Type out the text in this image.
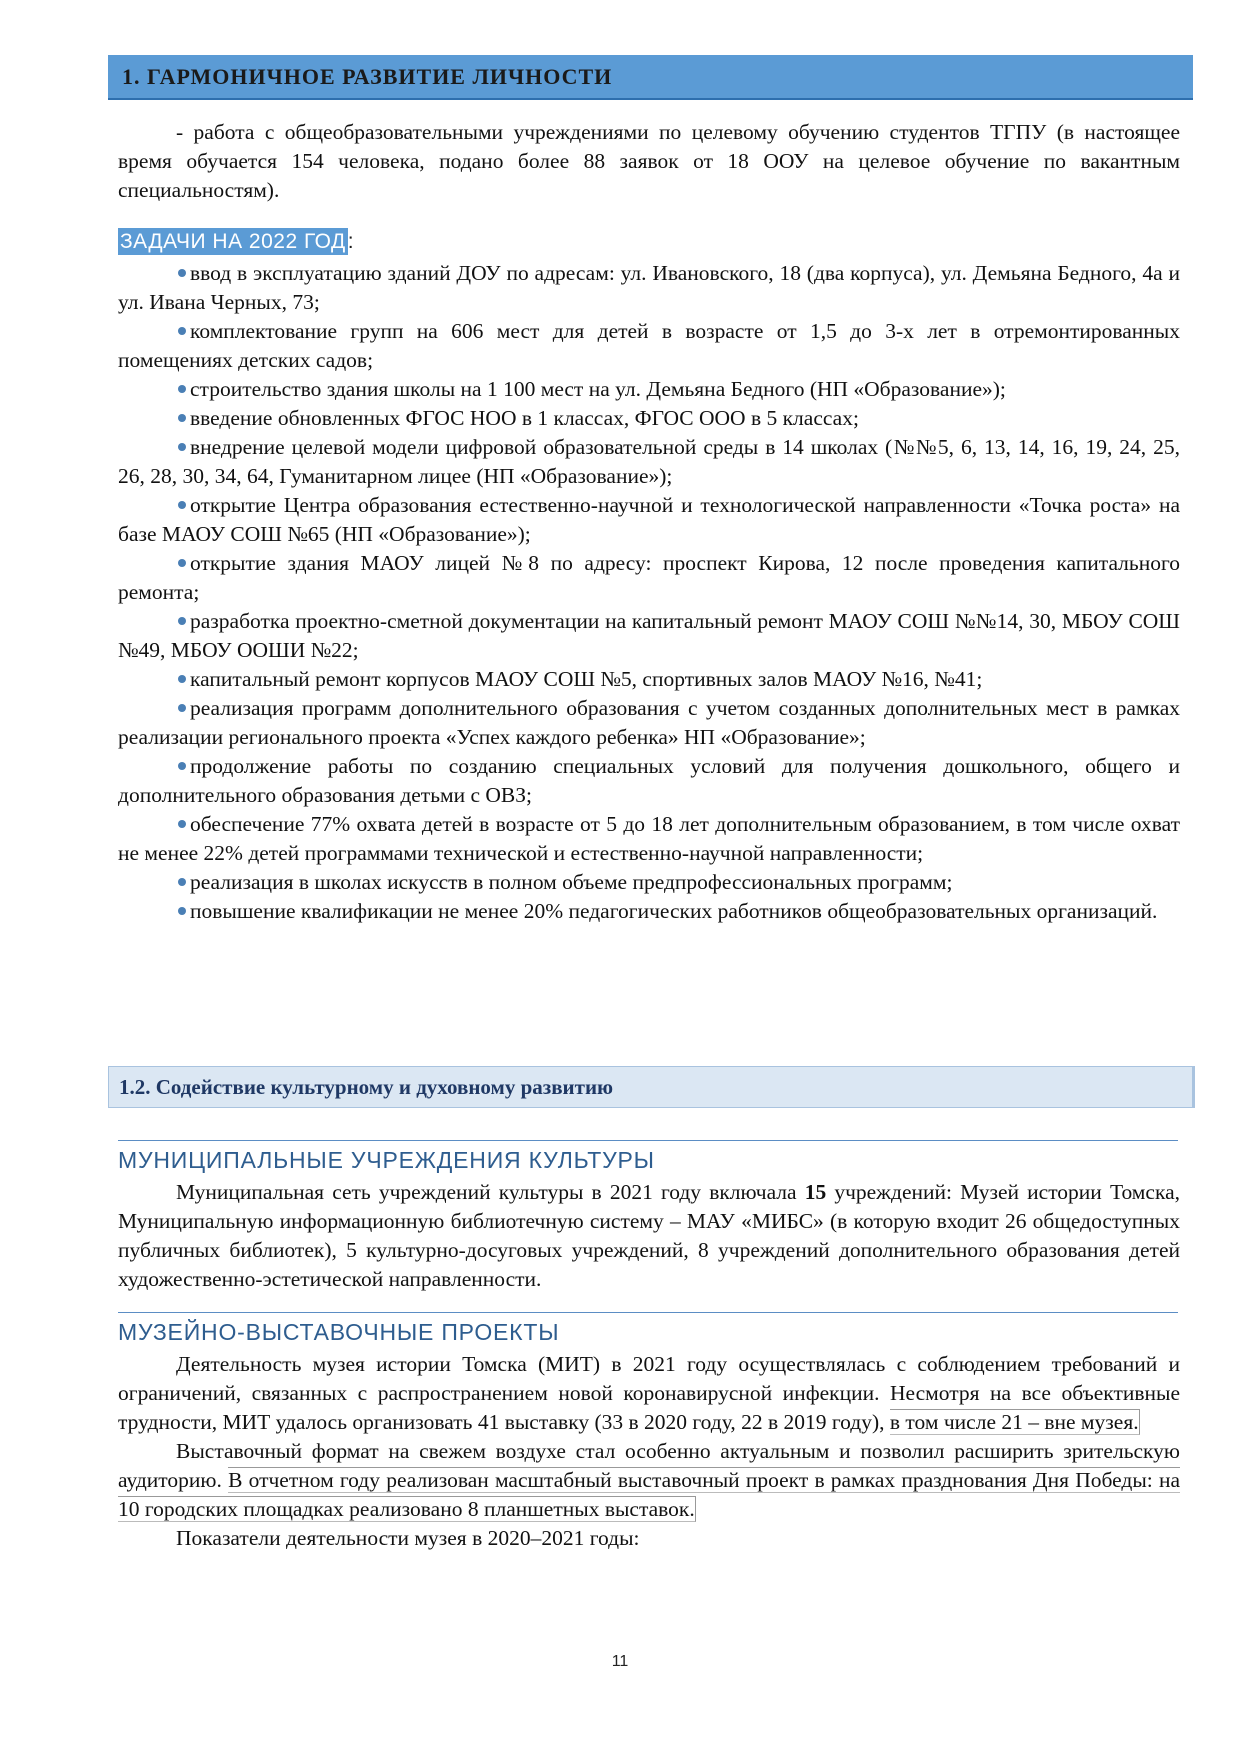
1. ГАРМОНИЧНОЕ РАЗВИТИЕ ЛИЧНОСТИ

- работа с общеобразовательными учреждениями по целевому обучению студентов ТГПУ (в настоящее время обучается 154 человека, подано более 88 заявок от 18 ООУ на целевое обучение по вакантным специальностям).

ЗАДАЧИ НА 2022 ГОД:
ввод в эксплуатацию зданий ДОУ по адресам: ул. Ивановского, 18 (два корпуса), ул. Демьяна Бедного, 4а и ул. Ивана Черных, 73;
комплектование групп на 606 мест для детей в возрасте от 1,5 до 3-х лет в отремонтированных помещениях детских садов;
строительство здания школы на 1 100 мест на ул. Демьяна Бедного (НП «Образование»);
введение обновленных ФГОС НОО в 1 классах, ФГОС ООО в 5 классах;
внедрение целевой модели цифровой образовательной среды в 14 школах (№№5, 6, 13, 14, 16, 19, 24, 25, 26, 28, 30, 34, 64, Гуманитарном лицее (НП «Образование»);
открытие Центра образования естественно-научной и технологической направленности «Точка роста» на базе МАОУ СОШ №65 (НП «Образование»);
открытие здания МАОУ лицей №8 по адресу: проспект Кирова, 12 после проведения капитального ремонта;
разработка проектно-сметной документации на капитальный ремонт МАОУ СОШ №№14, 30, МБОУ СОШ №49, МБОУ ООШИ №22;
капитальный ремонт корпусов МАОУ СОШ №5, спортивных залов МАОУ №16, №41;
реализация программ дополнительного образования с учетом созданных дополнительных мест в рамках реализации регионального проекта «Успех каждого ребенка» НП «Образование»;
продолжение работы по созданию специальных условий для получения дошкольного, общего и дополнительного образования детьми с ОВЗ;
обеспечение 77% охвата детей в возрасте от 5 до 18 лет дополнительным образованием, в том числе охват не менее 22% детей программами технической и естественно-научной направленности;
реализация в школах искусств в полном объеме предпрофессиональных программ;
повышение квалификации не менее 20% педагогических работников общеобразовательных организаций.
1.2. Содействие культурному и духовному развитию
МУНИЦИПАЛЬНЫЕ УЧРЕЖДЕНИЯ КУЛЬТУРЫ

Муниципальная сеть учреждений культуры в 2021 году включала 15 учреждений: Музей истории Томска, Муниципальную информационную библиотечную систему – МАУ «МИБС» (в которую входит 26 общедоступных публичных библиотек), 5 культурно-досуговых учреждений, 8 учреждений дополнительного образования детей художественно-эстетической направленности.

МУЗЕЙНО-ВЫСТАВОЧНЫЕ ПРОЕКТЫ

Деятельность музея истории Томска (МИТ) в 2021 году осуществлялась с соблюдением требований и ограничений, связанных с распространением новой коронавирусной инфекции. Несмотря на все объективные трудности, МИТ удалось организовать 41 выставку (33 в 2020 году, 22 в 2019 году), в том числе 21 – вне музея.

Выставочный формат на свежем воздухе стал особенно актуальным и позволил расширить зрительскую аудиторию. В отчетном году реализован масштабный выставочный проект в рамках празднования Дня Победы: на 10 городских площадках реализовано 8 планшетных выставок.

Показатели деятельности музея в 2020–2021 годы:

11
